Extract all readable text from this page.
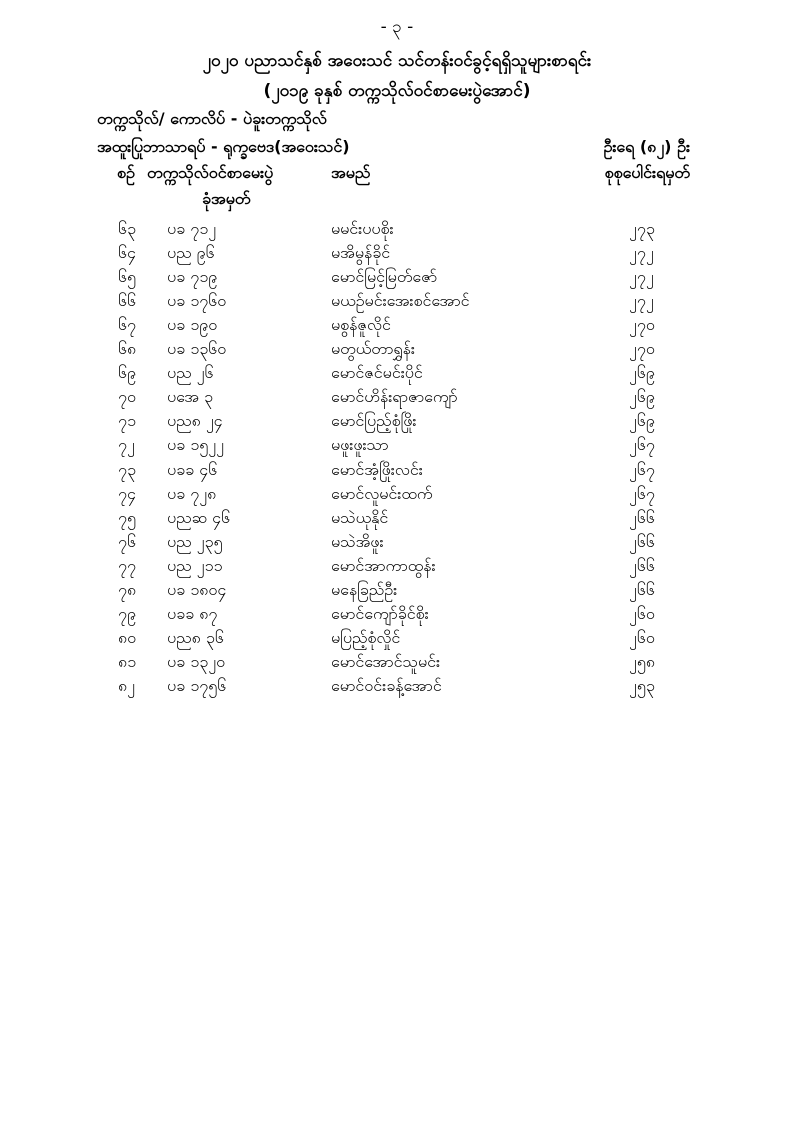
- ၃ -
၂၀၂၀ ပညာသင်နှစ် အဝေးသင် သင်တန်းဝင်ခွင့်ရရှိသူများစာရင်း
(၂၀၁၉ ခုနှစ် တက္ကသိုလ်ဝင်စာမေးပွဲအောင်)
တက္ကသိုလ်/ ကောလိပ် - ပဲခူးတက္ကသိုလ်
အထူးပြုဘာသာရပ် - ရုက္ခဗေဒ(အဝေးသင်)	ဦးရေ (၈၂) ဦး
စဉ် တက္ကသိုလ်ဝင်စာမေးပွဲ
ခုံအမှတ်
အမည်	စုစုပေါင်းရမှတ်
၆၃ ပခ ၇၁၂	မမင်းပပစိုး	၂၇၃
၆၄ ပည ၉၆	မအိမွန်ခိုင်	၂၇၂
၆၅ ပခ ၇၁၉	မောင်မြင့်မြတ်ဇော်	၂၇၂
၆၆ ပခ ၁၇၆၀	မယဉ်မင်းအေးစင်အောင်	၂၇၂
၆၇ ပခ ၁၉၀	မစွန်ဇူလိုင်	၂၇၀
၆၈ ပခ ၁၃၆၀	မတွယ်တာရွှန်း	၂၇၀
၆၉ ပည ၂၆	မောင်ဇင်မင်းပိုင်	၂၆၉
၇၀ ပအေ ၃	မောင်ဟိန်းရာဇာကျော်	၂၆၉
၇၁ ပည၈ ၂၄	မောင်ပြည့်စုံဖြိုး	၂၆၉
၇၂ ပခ ၁၅၂၂	မဖူးဖူးသာ	၂၆၇
၇၃ ပခခ ၄၆	မောင်အံ့ဖြိုးလင်း	၂၆၇
၇၄ ပခ ၇၂၈	မောင်လူမင်းထက်	၂၆၇
၇၅ ပညဆ ၄၆	မသဲယုနိုင်	၂၆၆
၇၆ ပည ၂၃၅	မသဲအိဖူး	၂၆၆
၇၇ ပည ၂၁၁	မောင်အာကာထွန်း	၂၆၆
၇၈ ပခ ၁၈၀၄	မနေခြည်ဦး	၂၆၆
၇၉ ပခခ ၈၇	မောင်ကျော်ခိုင်စိုး	၂၆၀
၈၀ ပည၈ ၃၆	မပြည့်စုံလှိုင်	၂၆၀
၈၁ ပခ ၁၃၂၀	မောင်အောင်သူမင်း	၂၅၈
၈၂ ပခ ၁၇၅၆	မောင်ဝင်းခန့်အောင်	၂၅၃
